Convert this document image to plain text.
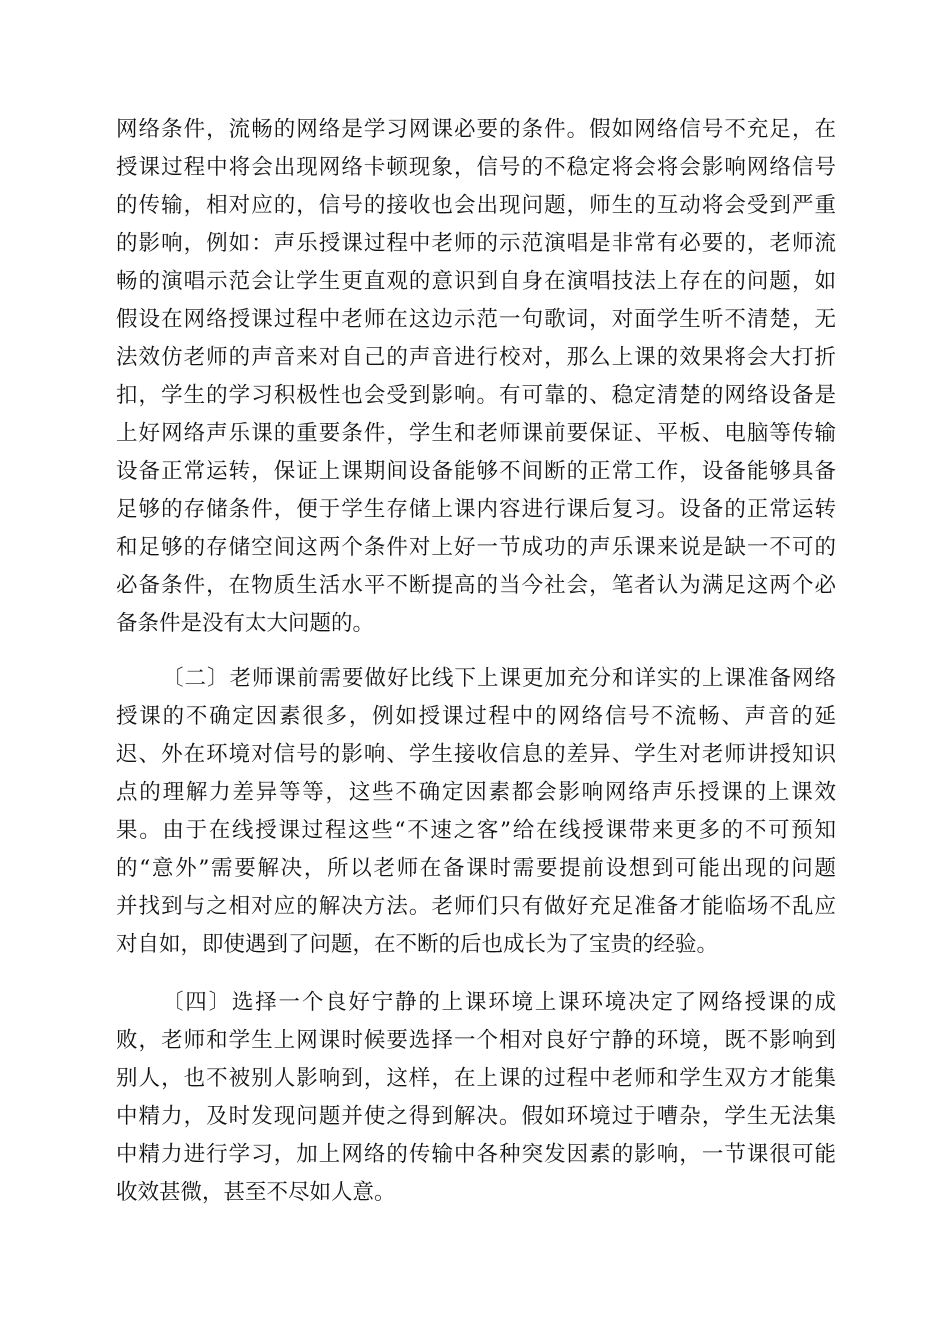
网络条件，流畅的网络是学习网课必要的条件。假如网络信号不充足，在
授课过程中将会出现网络卡顿现象，信号的不稳定将会将会影响网络信号
的传输，相对应的，信号的接收也会出现问题，师生的互动将会受到严重
的影响，例如：声乐授课过程中老师的示范演唱是非常有必要的，老师流
畅的演唱示范会让学生更直观的意识到自身在演唱技法上存在的问题，如
假设在网络授课过程中老师在这边示范一句歌词，对面学生听不清楚，无
法效仿老师的声音来对自己的声音进行校对，那么上课的效果将会大打折
扣，学生的学习积极性也会受到影响。有可靠的、稳定清楚的网络设备是
上好网络声乐课的重要条件，学生和老师课前要保证、平板、电脑等传输
设备正常运转，保证上课期间设备能够不间断的正常工作，设备能够具备
足够的存储条件，便于学生存储上课内容进行课后复习。设备的正常运转
和足够的存储空间这两个条件对上好一节成功的声乐课来说是缺一不可的
必备条件，在物质生活水平不断提高的当今社会，笔者认为满足这两个必
备条件是没有太大问题的。
〔二〕老师课前需要做好比线下上课更加充分和详实的上课准备网络
授课的不确定因素很多，例如授课过程中的网络信号不流畅、声音的延
迟、外在环境对信号的影响、学生接收信息的差异、学生对老师讲授知识
点的理解力差异等等，这些不确定因素都会影响网络声乐授课的上课效
果。由于在线授课过程这些“不速之客”给在线授课带来更多的不可预知
的“意外”需要解决，所以老师在备课时需要提前设想到可能出现的问题
并找到与之相对应的解决方法。老师们只有做好充足准备才能临场不乱应
对自如，即使遇到了问题，在不断的后也成长为了宝贵的经验。
〔四〕选择一个良好宁静的上课环境上课环境决定了网络授课的成
败，老师和学生上网课时候要选择一个相对良好宁静的环境，既不影响到
别人，也不被别人影响到，这样，在上课的过程中老师和学生双方才能集
中精力，及时发现问题并使之得到解决。假如环境过于嘈杂，学生无法集
中精力进行学习，加上网络的传输中各种突发因素的影响，一节课很可能
收效甚微，甚至不尽如人意。
